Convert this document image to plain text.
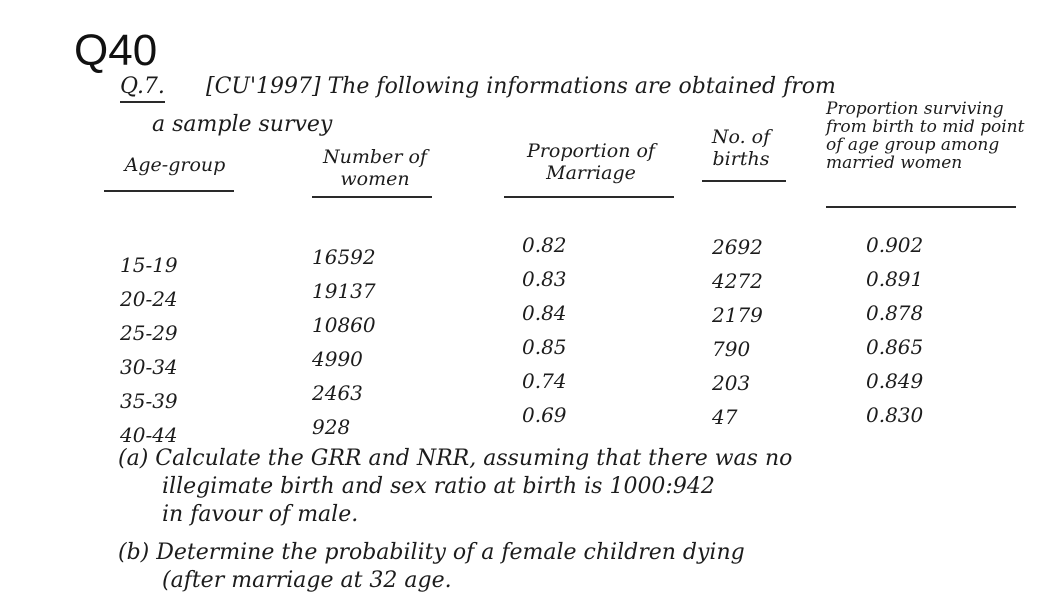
Q40
Q.7. [CU'1997] The following informations are obtained from
a sample survey
Age-group	Number of women
Proportion of Marriage
No. of births
Proportion surviving from birth to mid point of age group among married women
15-19
20-24
25-29
30-34
35-39
40-44
16592
19137
10860
4990
2463
928
0.82
0.83
0.84
0.85
0.74
0.69
2692
4272
2179
790
203
47
0.902
0.891
0.878
0.865
0.849
0.830
(a) Calculate the GRR and NRR, assuming that there was no
illegimate birth and sex ratio at birth is 1000:942
in favour of male.
(b) Determine the probability of a female children dying
(after marriage at 32 age.
